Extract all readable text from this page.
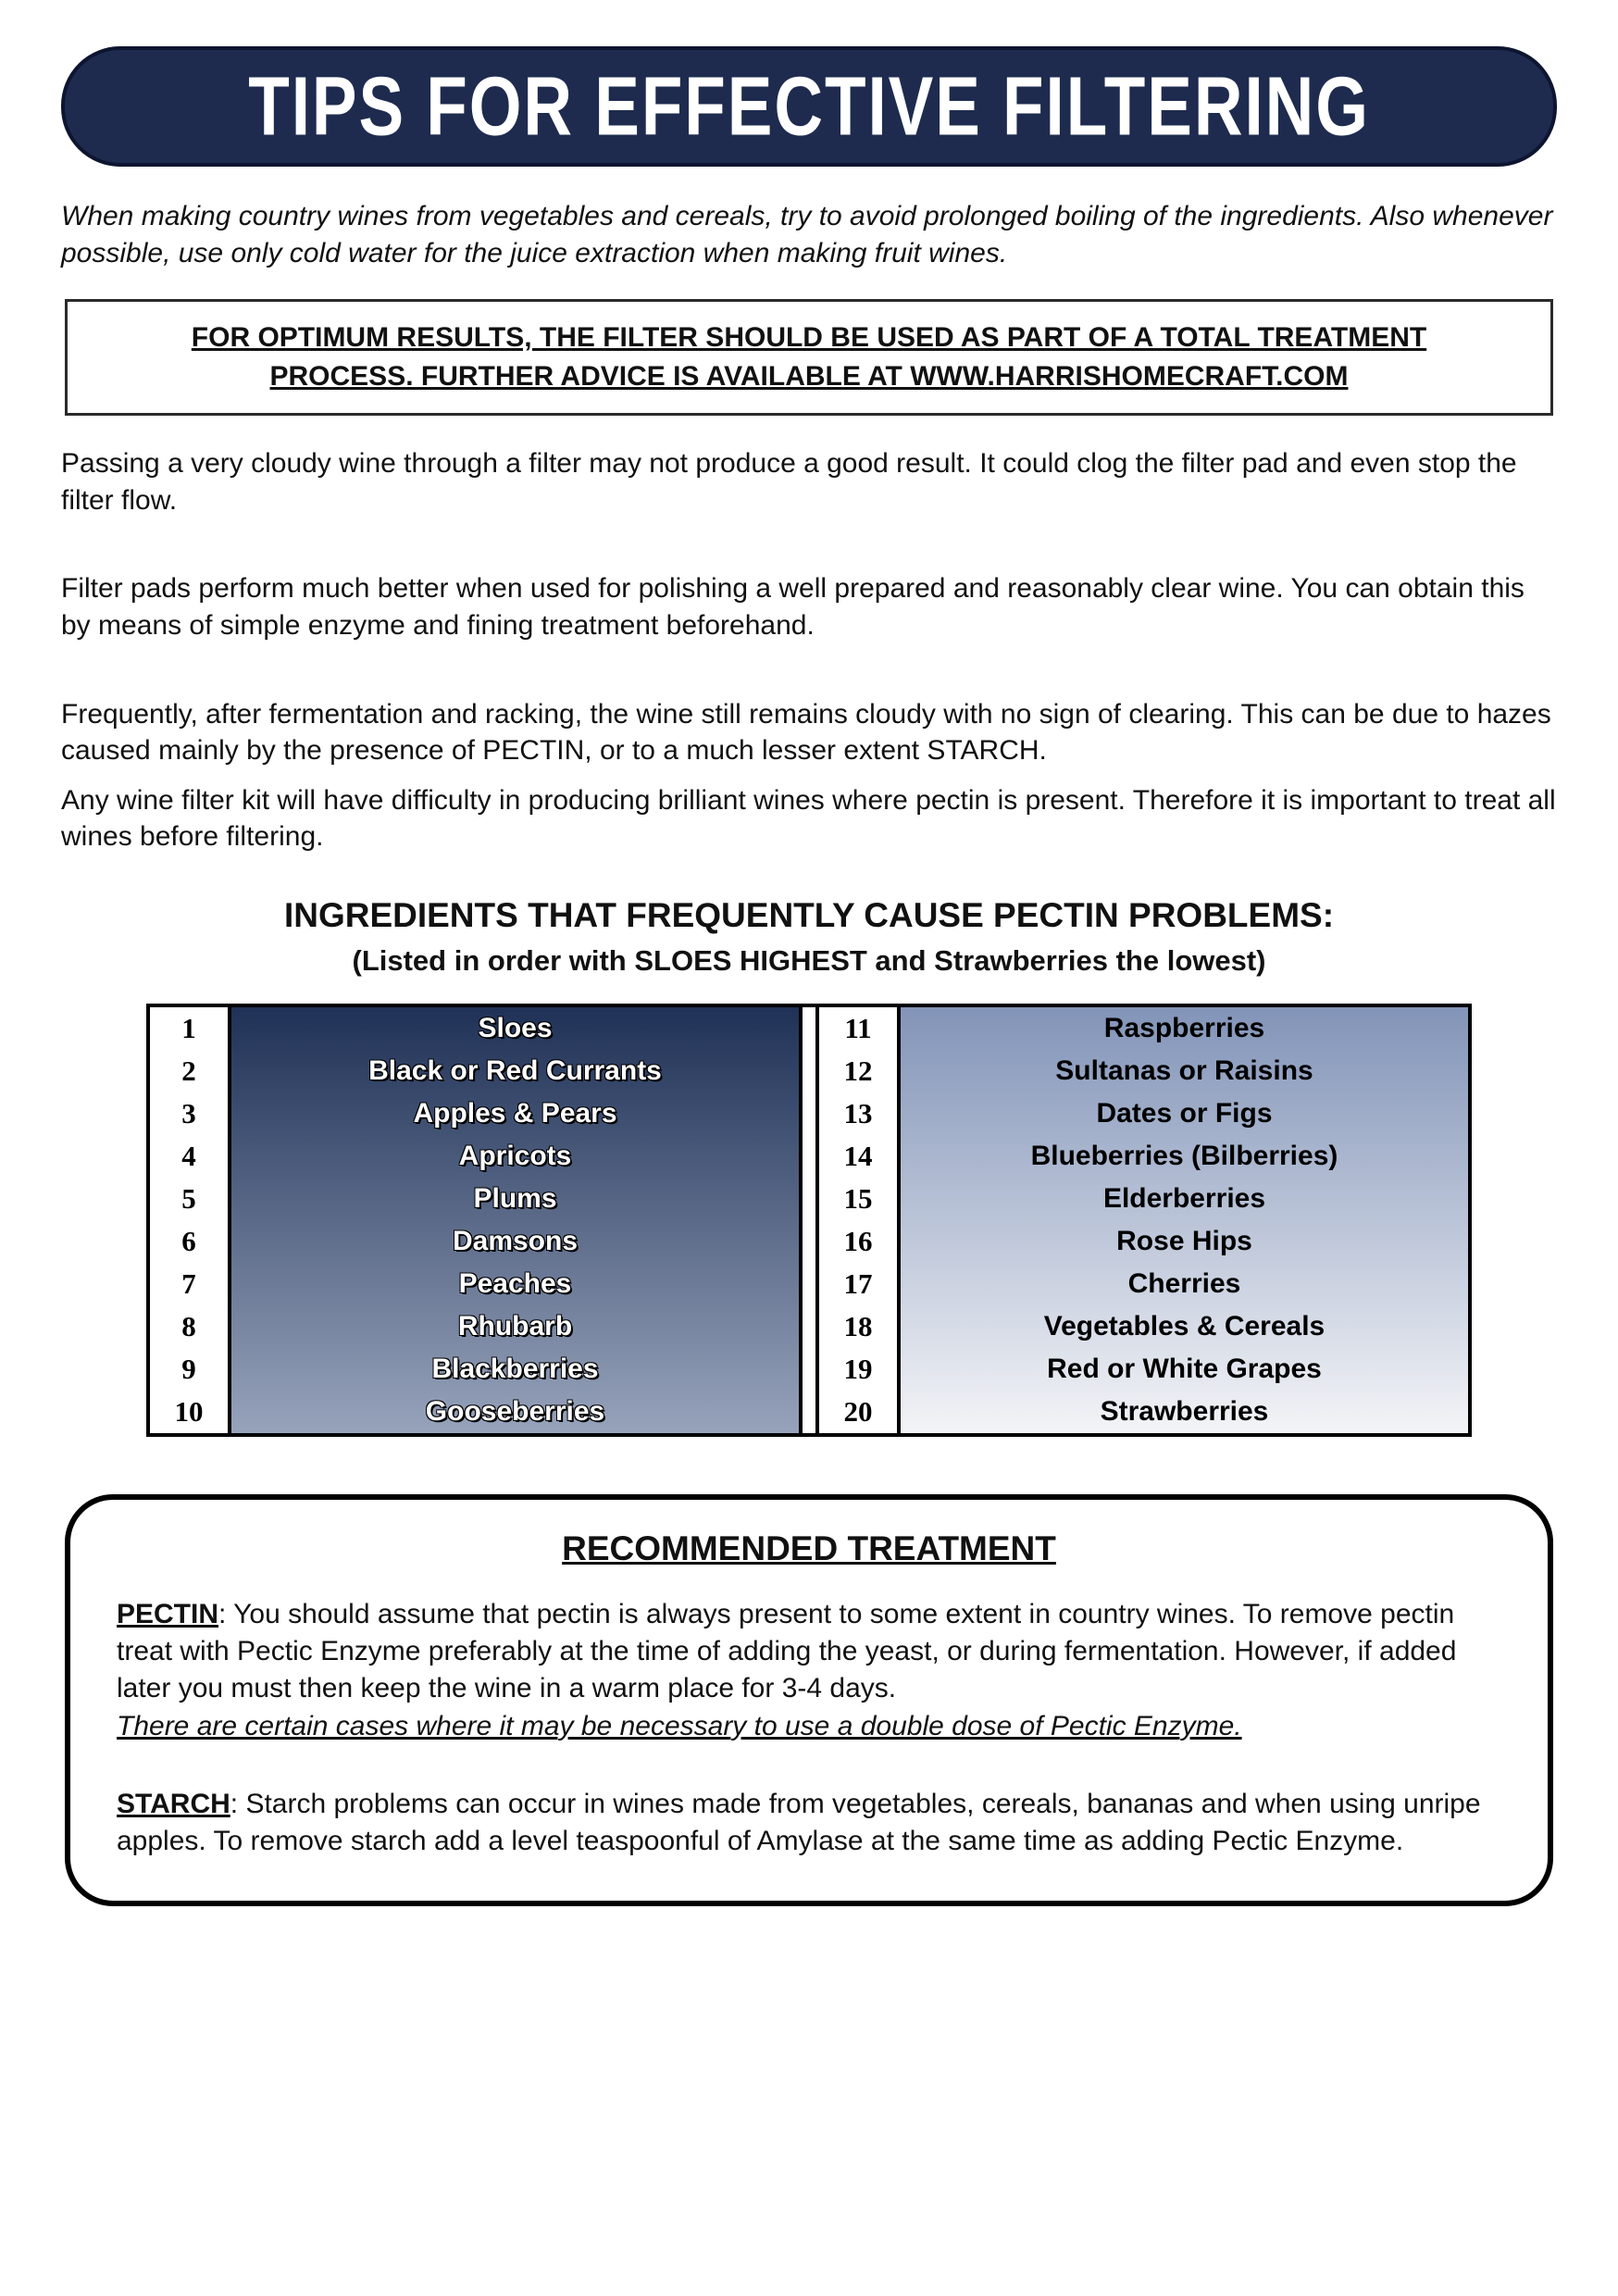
TIPS FOR EFFECTIVE FILTERING

When making country wines from vegetables and cereals, try to avoid prolonged boiling of the ingredients. Also whenever possible, use only cold water for the juice extraction when making fruit wines.

FOR OPTIMUM RESULTS, THE FILTER SHOULD BE USED AS PART OF A TOTAL TREATMENT PROCESS. FURTHER ADVICE IS AVAILABLE AT WWW.HARRISHOMECRAFT.COM

Passing a very cloudy wine through a filter may not produce a good result. It could clog the filter pad and even stop the filter flow.

Filter pads perform much better when used for polishing a well prepared and reasonably clear wine. You can obtain this by means of simple enzyme and fining treatment beforehand.

Frequently, after fermentation and racking, the wine still remains cloudy with no sign of clearing. This can be due to hazes caused mainly by the presence of PECTIN, or to a much lesser extent STARCH.

Any wine filter kit will have difficulty in producing brilliant wines where pectin is present. Therefore it is important to treat all wines before filtering.

INGREDIENTS THAT FREQUENTLY CAUSE PECTIN PROBLEMS:
(Listed in order with SLOES HIGHEST and Strawberries the lowest)
1
2
3
4
5
6
7
8
9
10
Sloes
Black or Red Currants
Apples & Pears
Apricots
Plums
Damsons
Peaches
Rhubarb
Blackberries
Gooseberries
11
12
13
14
15
16
17
18
19
20
Raspberries
Sultanas or Raisins
Dates or Figs
Blueberries (Bilberries)
Elderberries
Rose Hips
Cherries
Vegetables & Cereals
Red or White Grapes
Strawberries
RECOMMENDED TREATMENT

PECTIN: You should assume that pectin is always present to some extent in country wines. To remove pectin treat with Pectic Enzyme preferably at the time of adding the yeast, or during fermentation. However, if added later you must then keep the wine in a warm place for 3-4 days.

There are certain cases where it may be necessary to use a double dose of Pectic Enzyme.

STARCH: Starch problems can occur in wines made from vegetables, cereals, bananas and when using unripe apples. To remove starch add a level teaspoonful of Amylase at the same time as adding Pectic Enzyme.
